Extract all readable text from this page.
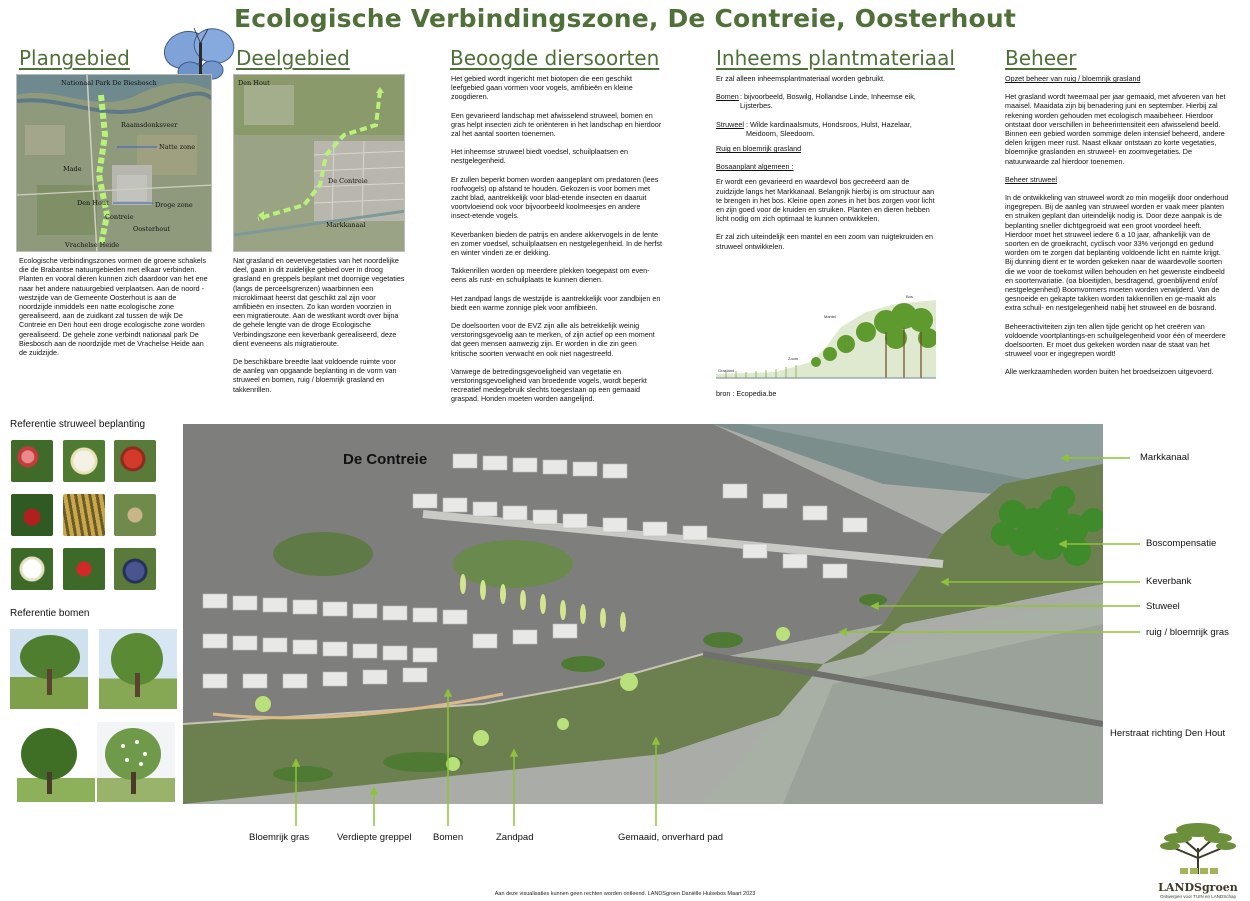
Ecologische Verbindingszone, De Contreie, Oosterhout
Plangebied
Nationaal Park De Biesbosch
Raamsdonksveer
Natte zone
Made
Den Hout	Droge zone
Contreie
Oosterhout
Vrachelse Heide
Ecologische verbindingszones vormen de groene schakels die de Brabantse natuurgebieden met elkaar verbinden. Planten en vooral dieren kunnen zich daardoor van het ene naar het andere natuurgebied verplaatsen. Aan de noord -westzijde van de Gemeente Oosterhout is aan de noordzijde inmiddels een natte ecologische zone gerealiseerd, aan de zuidkant zal tussen de wijk De Contreie en Den hout een droge ecologische zone worden gerealiseerd. De gehele zone verbindt nationaal park De Biesbosch aan de noordzijde met de Vrachelse Heide aan de zuidzijde.
Deelgebied
Den Hout
De Contreie
Markkanaal

Nat grasland en oevervegetaties van het noordelijke deel, gaan in dit zuidelijke gebied over in droog grasland en greppels beplant met doornige vegetaties (langs de perceelsgrenzen) waarbinnen een microklimaat heerst dat geschikt zal zijn voor amfibieën en insecten. Zo kan worden voorzien in een migratieroute. Aan de westkant wordt over bijna de gehele lengte van de droge Ecologische Verbindingszone een keverbank gerealiseerd, deze dient eveneens als migratieroute.

De beschikbare breedte laat voldoende ruimte voor de aanleg van opgaande beplanting in de vorm van struweel en bomen, ruig / bloemrijk grasland en takkenrillen.

Beoogde diersoorten

Het gebied wordt ingericht met biotopen die een geschikt leefgebied gaan vormen voor vogels, amfibieën en kleine zoogdieren.

Een gevarieerd landschap met afwisselend struweel, bomen en gras helpt insecten zich te oriënteren in het landschap en hierdoor zal het aantal soorten toenemen.

Het inheemse struweel biedt voedsel, schuilplaatsen en nestgelegenheid.

Er zullen beperkt bomen worden aangeplant om predatoren (lees roofvogels) op afstand te houden. Gekozen is voor bomen met zacht blad, aantrekkelijk voor blad-etende insecten en daaruit voortvloeiend ook voor bijvoorbeeld koolmeesjes en andere insect-etende vogels.

Keverbanken bieden de patrijs en andere akkervogels in de lente en zomer voedsel, schuilplaatsen en nestgelegenheid. In de herfst en winter vinden ze er dekking.

Takkenrillen worden op meerdere plekken toegepast om even-eens als rust- en schuilplaats te kunnen dienen.

Het zandpad langs de westzijde is aantrekkelijk voor zandbijen en biedt een warme zonnige plek voor amfibieën.

De doelsoorten voor de EVZ zijn alle als betrekkelijk weinig verstoringsgevoelig aan te merken, of zijn actief op een moment dat geen mensen aanwezig zijn. Er worden in die zin geen kritische soorten verwacht en ook niet nagestreefd.

Vanwege de betredingsgevoeligheid van vegetatie en verstoringsgevoeligheid van broedende vogels, wordt beperkt recreatief medegebruik slechts toegestaan op een gemaaid graspad. Honden moeten worden aangelijnd.

Inheems plantmateriaal

Er zal alleen inheemsplantmateriaal worden gebruikt.

Bomen : bijvoorbeeld, Boswilg, Hollandse Linde, Inheemse eik, Lijsterbes.
Struweel : Wilde kardinaalsmuts, Hondsroos, Hulst, Hazelaar, Meidoorn, Sleedoorn.

Ruig en bloemrijk grasland

Bosaanplant algemeen :

Er wordt een gevarieerd en waardevol bos gecreëerd aan de zuidzijde langs het Markkanaal. Belangrijk hierbij is om structuur aan te brengen in het bos. Kleine open zones in het bos zorgen voor licht en zijn goed voor de kruiden en struiken. Planten en dieren hebben licht nodig om zich optimaal te kunnen ontwikkelen.

Er zal zich uiteindelijk een mantel en een zoom van ruigtekruiden en struweel ontwikkelen.

Grasland
Zoom
Mantel
Bos
bron : Ecopedia.be
Beheer

Opzet beheer van ruig / bloemrijk grasland

Het grasland wordt tweemaal per jaar gemaaid, met afvoeren van het maaisel. Maaidata zijn bij benadering juni en september. Hierbij zal rekening worden gehouden met ecologisch maaibeheer. Hierdoor ontstaat door verschillen in beheerintensiteit een afwisselend beeld. Binnen een gebied worden sommige delen intensief beheerd, andere delen krijgen meer rust. Naast elkaar ontstaan zo korte vegetaties, bloemrijke graslanden en struweel- en zoomvegetaties. De natuurwaarde zal hierdoor toenemen.

Beheer struweel

In de ontwikkeling van struweel wordt zo min mogelijk door onderhoud ingegrepen. Bij de aanleg van struweel worden er vaak meer planten en struiken geplant dan uiteindelijk nodig is. Door deze aanpak is de beplanting sneller dichtgegroeid wat een groot voordeel heeft. Hierdoor moet het struweel iedere 6 a 10 jaar, afhankelijk van de soorten en de groeikracht, cyclisch voor 33% verjongd en gedund worden om te zorgen dat beplanting voldoende licht en ruimte krijgt. Bij dunning dient er te worden gekeken naar de waardevolle soorten die we voor de toekomst willen behouden en het gewenste eindbeeld en soortenvariatie. (oa bloeitijden, besdragend, groenblijvend en/of nestgelegenheid) Boomvormers moeten worden verwijderd. Van de gesnoeide en gekapte takken worden takkenrillen en ge-maakt als extra schuil- en nestgelegenheid nabij het struweel en de bosrand.

Beheeractiviteiten zijn ten allen tijde gericht op het creëren van voldoende voortplantings-en schuilgelegenheid voor één of meerdere doelsoorten. Er moet dus gekeken worden naar de staat van het struweel voor er ingegrepen wordt!

Alle werkzaamheden worden buiten het broedseizoen uitgevoerd.

Referentie struweel beplanting
Referentie bomen
De Contreie	Markkanaal
Boscompensatie
Keverbank
Stuweel
ruig / bloemrijk gras
Herstraat richting Den Hout
Bloemrijk gras	Verdiepte greppel Bomen	Zandpad	Gemaaid, onverhard pad
Aan deze visualisaties kunnen geen rechten worden ontleend. LANDSgroen Daniëlle Hulsebos Maart 2023	LANDSgroen
Ontwerpen voor TUIN en LANDSchap
